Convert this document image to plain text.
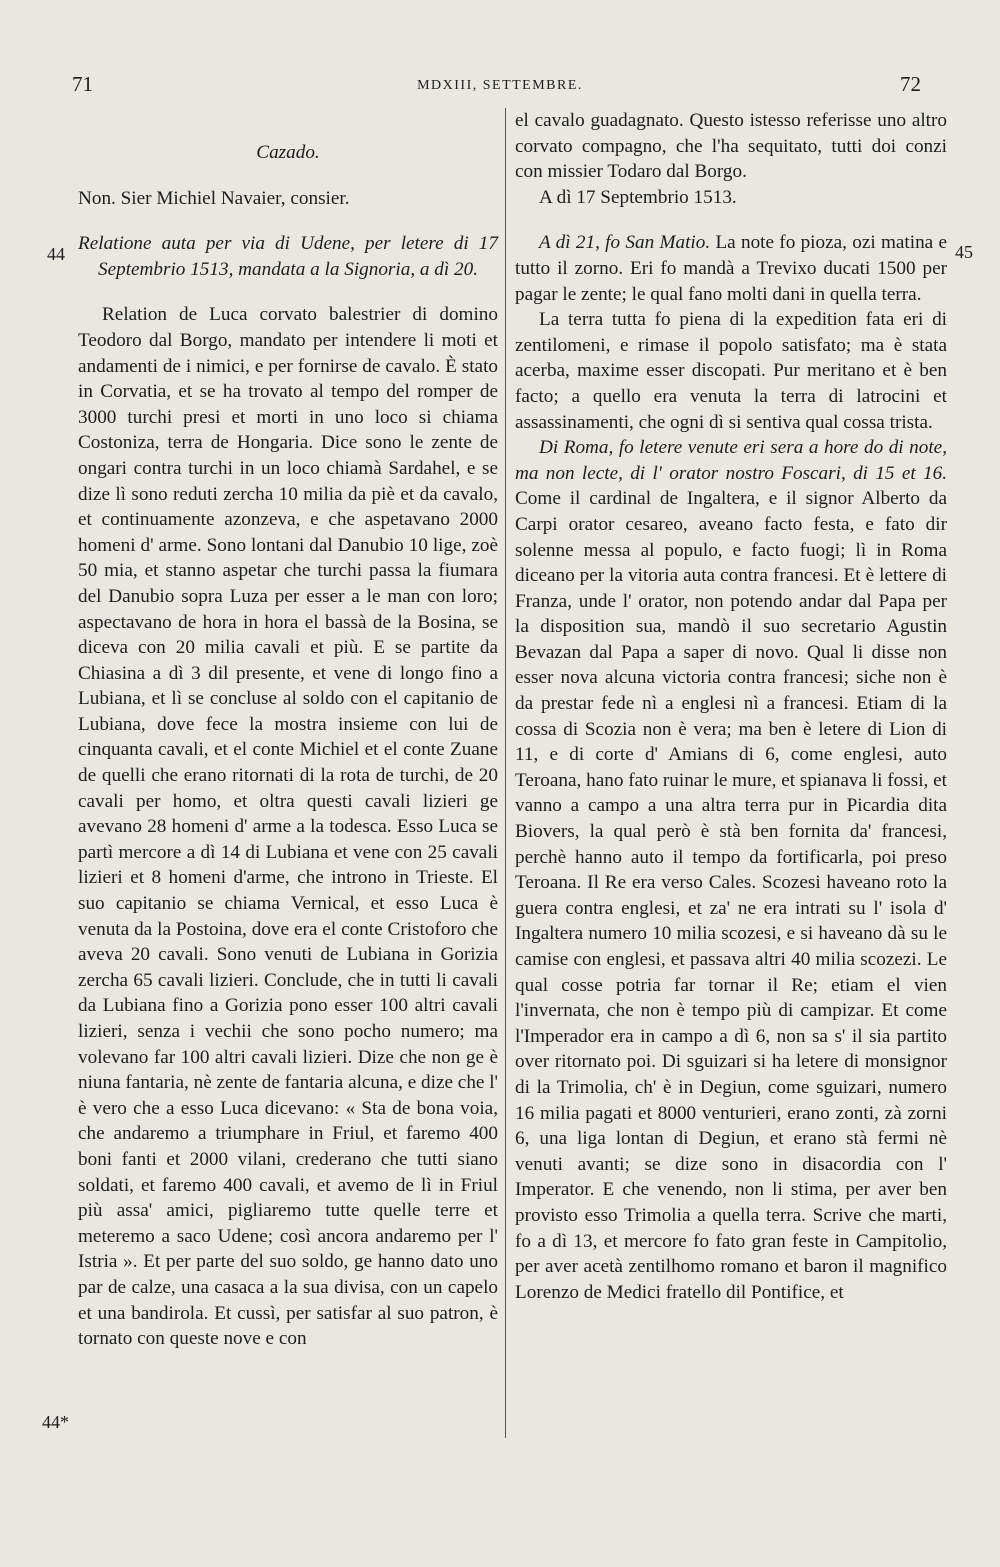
71	MDXIII, SETTEMBRE.	72
44
44*
45

Cazado.

Non. Sier Michiel Navaier, consier.

Relatione auta per via di Udene, per letere di 17 Septembrio 1513, mandata a la Signoria, a dì 20.

Relation de Luca corvato balestrier di domino Teodoro dal Borgo, mandato per intendere li moti et andamenti de i nimici, e per fornirse de cavalo. È stato in Corvatia, et se ha trovato al tempo del romper de 3000 turchi presi et morti in uno loco si chiama Costoniza, terra de Hongaria. Dice sono le zente de ongari contra turchi in un loco chiamà Sardahel, e se dize lì sono reduti zercha 10 milia da piè et da cavalo, et continuamente azonzeva, e che aspetavano 2000 homeni d' arme. Sono lontani dal Danubio 10 lige, zoè 50 mia, et stanno aspetar che turchi passa la fiumara del Danubio sopra Luza per esser a le man con loro; aspectavano de hora in hora el bassà de la Bosina, se diceva con 20 milia cavali et più. E se partite da Chiasina a dì 3 dil presente, et vene di longo fino a Lubiana, et lì se concluse al soldo con el capitanio de Lubiana, dove fece la mostra insieme con lui de cinquanta cavali, et el conte Michiel et el conte Zuane de quelli che erano ritornati di la rota de turchi, de 20 cavali per homo, et oltra questi cavali lizieri ge avevano 28 homeni d' arme a la todesca. Esso Luca se partì mercore a dì 14 di Lubiana et vene con 25 cavali lizieri et 8 homeni d'arme, che introno in Trieste. El suo capitanio se chiama Vernical, et esso Luca è venuta da la Postoina, dove era el conte Cristoforo che aveva 20 cavali. Sono venuti de Lubiana in Gorizia zercha 65 cavali lizieri. Conclude, che in tutti li cavali da Lubiana fino a Gorizia pono esser 100 altri cavali lizieri, senza i vechii che sono pocho numero; ma volevano far 100 altri cavali lizieri. Dize che non ge è niuna fantaria, nè zente de fantaria alcuna, e dize che l' è vero che a esso Luca dicevano: « Sta de bona voia, che andaremo a triumphare in Friul, et faremo 400 boni fanti et 2000 vilani, crederano che tutti siano soldati, et faremo 400 cavali, et avemo de lì in Friul più assa' amici, pigliaremo tutte quelle terre et meteremo a saco Udene; così ancora andaremo per l' Istria ». Et per parte del suo soldo, ge hanno dato uno par de calze, una casaca a la sua divisa, con un capelo et una bandirola. Et cussì, per satisfar al suo patron, è tornato con queste nove e con

el cavalo guadagnato. Questo istesso referisse uno altro corvato compagno, che l'ha sequitato, tutti doi conzi con missier Todaro dal Borgo.

A dì 17 Septembrio 1513.

A dì 21, fo San Matio. La note fo pioza, ozi matina e tutto il zorno. Eri fo mandà a Trevixo ducati 1500 per pagar le zente; le qual fano molti dani in quella terra.

La terra tutta fo piena di la expedition fata eri di zentilomeni, e rimase il popolo satisfato; ma è stata acerba, maxime esser discopati. Pur meritano et è ben facto; a quello era venuta la terra di latrocini et assassinamenti, che ogni dì si sentiva qual cossa trista.

Di Roma, fo letere venute eri sera a hore do di note, ma non lecte, di l' orator nostro Foscari, di 15 et 16. Come il cardinal de Ingaltera, e il signor Alberto da Carpi orator cesareo, aveano facto festa, e fato dir solenne messa al populo, e facto fuogi; lì in Roma diceano per la vitoria auta contra francesi. Et è lettere di Franza, unde l' orator, non potendo andar dal Papa per la disposition sua, mandò il suo secretario Agustin Bevazan dal Papa a saper di novo. Qual li disse non esser nova alcuna victoria contra francesi; siche non è da prestar fede nì a englesi nì a francesi. Etiam di la cossa di Scozia non è vera; ma ben è letere di Lion di 11, e di corte d' Amians di 6, come englesi, auto Teroana, hano fato ruinar le mure, et spianava li fossi, et vanno a campo a una altra terra pur in Picardia dita Biovers, la qual però è stà ben fornita da' francesi, perchè hanno auto il tempo da fortificarla, poi preso Teroana. Il Re era verso Cales. Scozesi haveano roto la guera contra englesi, et za' ne era intrati su l' isola d' Ingaltera numero 10 milia scozesi, e si haveano dà su le camise con englesi, et passava altri 40 milia scozezi. Le qual cosse potria far tornar il Re; etiam el vien l'invernata, che non è tempo più di campizar. Et come l'Imperador era in campo a dì 6, non sa s' il sia partito over ritornato poi. Di sguizari si ha letere di monsignor di la Trimolia, ch' è in Degiun, come sguizari, numero 16 milia pagati et 8000 venturieri, erano zonti, zà zorni 6, una liga lontan di Degiun, et erano stà fermi nè venuti avanti; se dize sono in disacordia con l' Imperator. E che venendo, non li stima, per aver ben provisto esso Trimolia a quella terra. Scrive che marti, fo a dì 13, et mercore fo fato gran feste in Campitolio, per aver acetà zentilhomo romano et baron il magnifico Lorenzo de Medici fratello dil Pontifice, et
